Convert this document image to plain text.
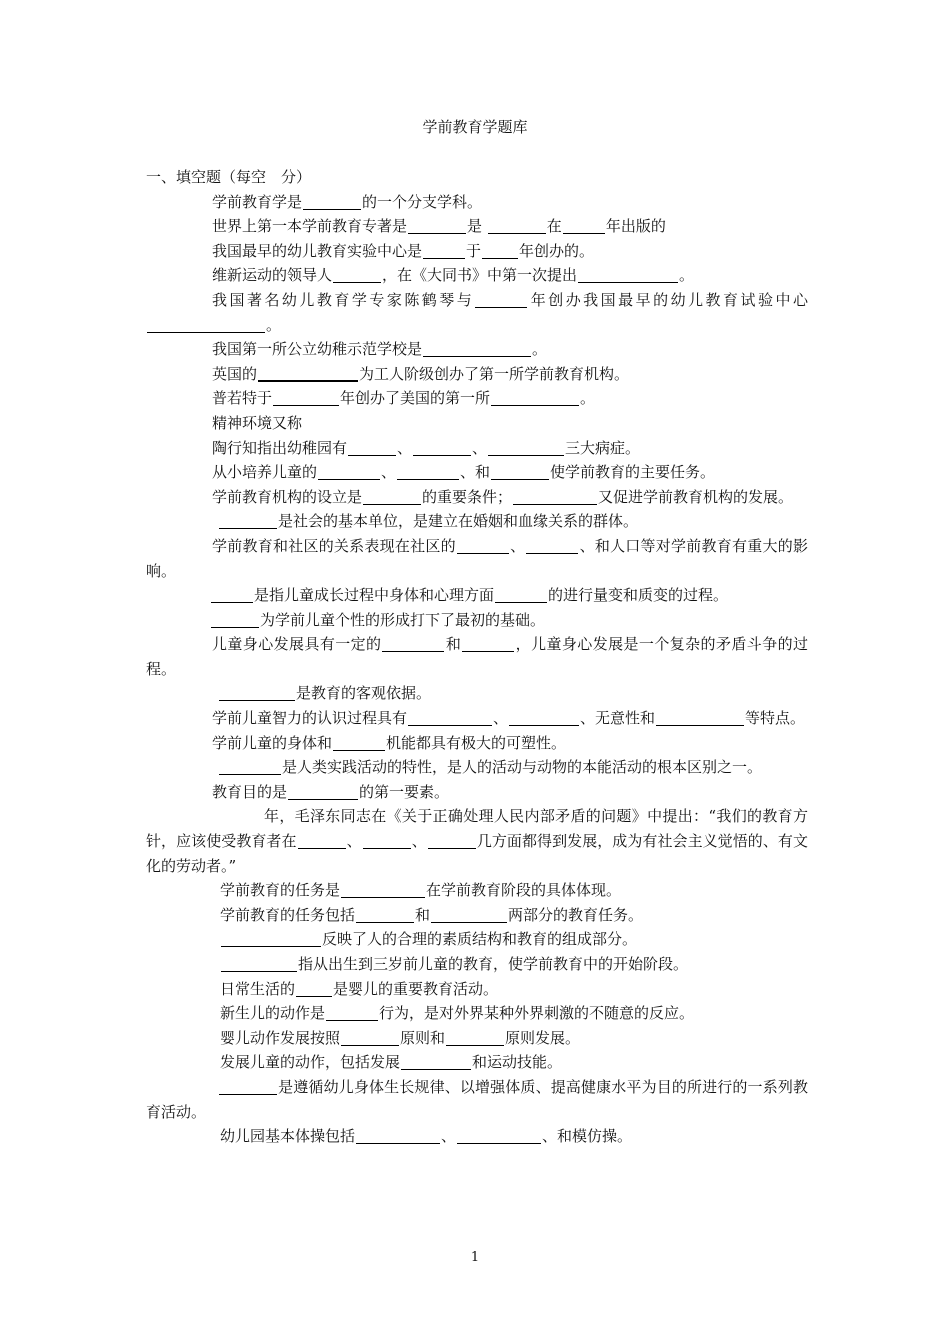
学前教育学题库

一、填空题（每空　分）

学前教育学是	的一个分支学科。

世界上第一本学前教育专著是	是	在	年出版的

我国最早的幼儿教育实验中心是	于	年创办的。

维新运动的领导人	，在《大同书》中第一次提出	。

我国著名幼儿教育学专家陈鹤琴与	年创办我国最早的幼儿教育试验中心。

我国第一所公立幼稚示范学校是	。

英国的	为工人阶级创办了第一所学前教育机构。

普若特于	年创办了美国的第一所	。

精神环境又称

陶行知指出幼稚园有	、	、	三大病症。

从小培养儿童的	、	、和	使学前教育的主要任务。

学前教育机构的设立是	的重要条件；	又促进学前教育机构的发展。

是社会的基本单位，是建立在婚姻和血缘关系的群体。

学前教育和社区的关系表现在社区的	、	、和人口等对学前教育有重大的影响。

是指儿童成长过程中身体和心理方面	的进行量变和质变的过程。

为学前儿童个性的形成打下了最初的基础。

儿童身心发展具有一定的	和	，儿童身心发展是一个复杂的矛盾斗争的过程。

是教育的客观依据。

学前儿童智力的认识过程具有	、	、无意性和	等特点。

学前儿童的身体和	机能都具有极大的可塑性。

是人类实践活动的特性，是人的活动与动物的本能活动的根本区别之一。

教育目的是	的第一要素。

年，毛泽东同志在《关于正确处理人民内部矛盾的问题》中提出：“我们的教育方针，应该使受教育者在	、	、	几方面都得到发展，成为有社会主义觉悟的、有文化的劳动者。”

学前教育的任务是	在学前教育阶段的具体体现。

学前教育的任务包括	和	两部分的教育任务。

反映了人的合理的素质结构和教育的组成部分。

指从出生到三岁前儿童的教育，使学前教育中的开始阶段。

日常生活的	是婴儿的重要教育活动。

新生儿的动作是	行为，是对外界某种外界刺激的不随意的反应。

婴儿动作发展按照	原则和	原则发展。

发展儿童的动作，包括发展	和运动技能。

是遵循幼儿身体生长规律、以增强体质、提高健康水平为目的所进行的一系列教育活动。

幼儿园基本体操包括	、	、和模仿操。

1
